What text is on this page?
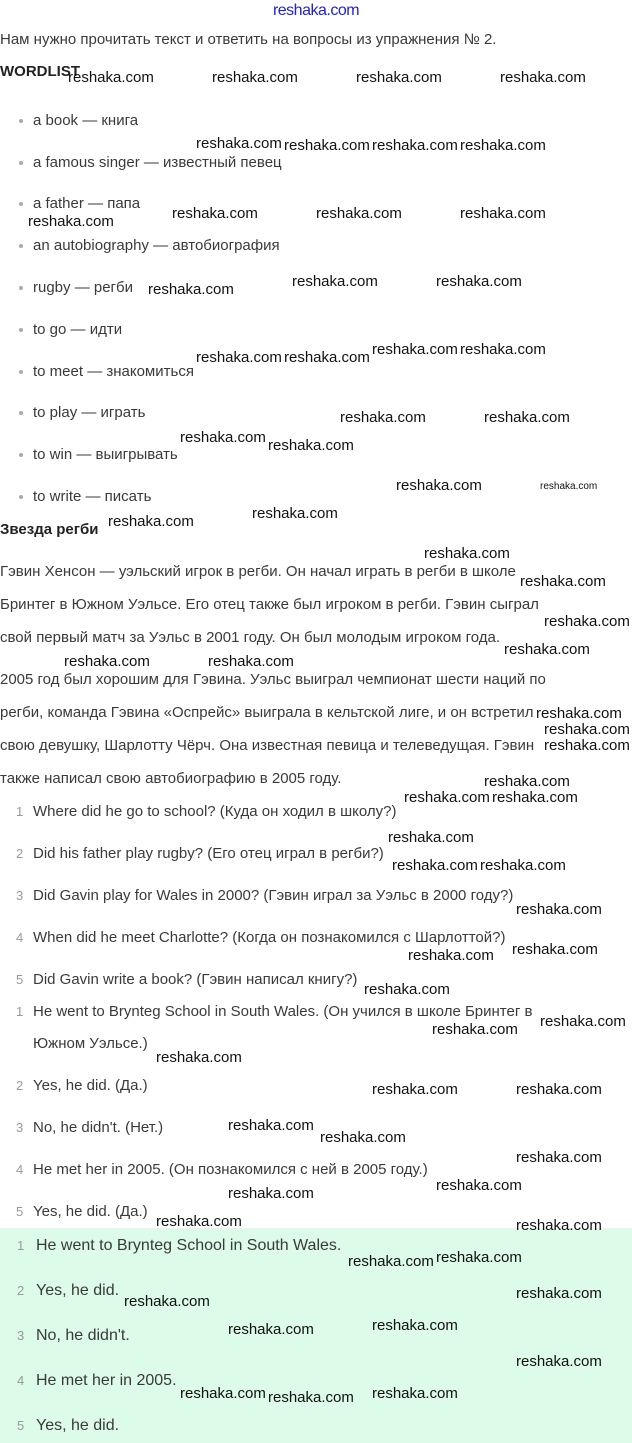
reshaka.com
Нам нужно прочитать текст и ответить на вопросы из упражнения № 2.
WORDLIST
a book — книга
a famous singer — известный певец
a father — папа
an autobiography — автобиография
rugby — регби
to go — идти
to meet — знакомиться
to play — играть
to win — выигрывать
to write — писать
Звезда регби
Гэвин Хенсон — уэльский игрок в регби. Он начал играть в регби в школе
Бринтег в Южном Уэльсе. Его отец также был игроком в регби. Гэвин сыграл
свой первый матч за Уэльс в 2001 году. Он был молодым игроком года.
2005 год был хорошим для Гэвина. Уэльс выиграл чемпионат шести наций по
регби, команда Гэвина «Оспрейс» выиграла в кельтской лиге, и он встретил
свою девушку, Шарлотту Чёрч. Она известная певица и телеведущая. Гэвин
также написал свою автобиографию в 2005 году.
1 Where did he go to school? (Куда он ходил в школу?)
2 Did his father play rugby? (Его отец играл в регби?)
3 Did Gavin play for Wales in 2000? (Гэвин играл за Уэльс в 2000 году?)
4 When did he meet Charlotte? (Когда он познакомился с Шарлоттой?)
5 Did Gavin write a book? (Гэвин написал книгу?)
1 He went to Brynteg School in South Wales. (Он учился в школе Бринтег в
2 Yes, he did. (Да.)
3 No, he didn't. (Нет.)
4 He met her in 2005. (Он познакомился с ней в 2005 году.)
5 Yes, he did. (Да.)
Южном Уэльсе.)
1 He went to Brynteg School in South Wales.
2 Yes, he did.
3 No, he didn't.
4 He met her in 2005.
5 Yes, he did.
reshaka.com	reshaka.com	reshaka.com	reshaka.com
reshaka.com reshaka.com reshaka.com
reshaka.com
reshaka.com	reshaka.com	reshaka.com
reshaka.com
reshaka.com	reshaka.com	reshaka.com
reshaka.com reshaka.com reshaka.com reshaka.com
reshaka.com	reshaka.com
reshaka.com reshaka.com
reshaka.com
reshaka.com	reshaka.com
reshaka.com
reshaka.com
reshaka.com
reshaka.com
reshaka.com	reshaka.com
reshaka.com
reshaka.com
reshaka.com
reshaka.com reshaka.com
reshaka.com
reshaka.com
reshaka.com reshaka.com
reshaka.com
reshaka.com
reshaka.com
reshaka.com
reshaka.com
reshaka.com
reshaka.com
reshaka.com	reshaka.com
reshaka.com
reshaka.com
reshaka.com
reshaka.com
reshaka.com
reshaka.com	reshaka.com
reshaka.com reshaka.com
reshaka.com	reshaka.com
reshaka.com	reshaka.com
reshaka.com
reshaka.com reshaka.com reshaka.com
reshaka.com
